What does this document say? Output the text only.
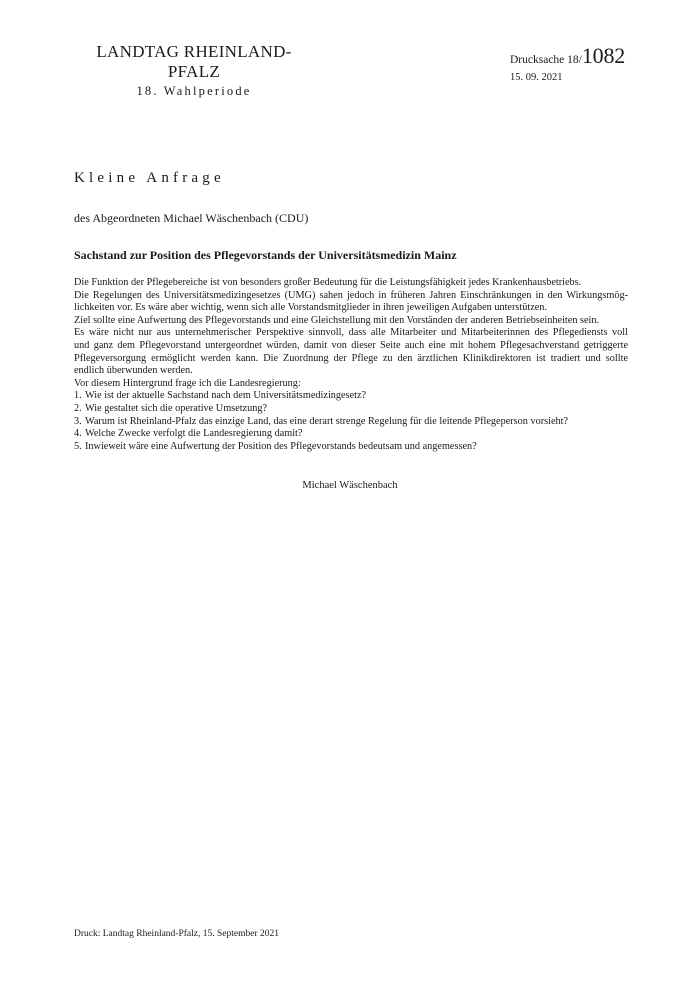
LANDTAG RHEINLAND-PFALZ
18. Wahlperiode
Drucksache 18/1082
15. 09. 2021
Kleine Anfrage
des Abgeordneten Michael Wäschenbach (CDU)
Sachstand zur Position des Pflegevorstands der Universitätsmedizin Mainz

Die Funktion der Pflegebereiche ist von besonders großer Bedeutung für die Leistungsfähigkeit jedes Krankenhausbetriebs.

Die Regelungen des Universitätsmedizingesetzes (UMG) sahen jedoch in früheren Jahren Einschränkungen in den Wirkungsmög-

lichkeiten vor. Es wäre aber wichtig, wenn sich alle Vorstandsmitglieder in ihren jeweiligen Aufgaben unterstützen.

Ziel sollte eine Aufwertung des Pflegevorstands und eine Gleichstellung mit den Vorständen der anderen Betriebseinheiten sein.

Es wäre nicht nur aus unternehmerischer Perspektive sinnvoll, dass alle Mitarbeiter und Mitarbeiterinnen des Pflegediensts voll

und ganz dem Pflegevorstand untergeordnet würden, damit von dieser Seite auch eine mit hohem Pflegesachverstand getriggerte

Pflegeversorgung ermöglicht werden kann. Die Zuordnung der Pflege zu den ärztlichen Klinikdirektoren ist tradiert und sollte

endlich überwunden werden.

Vor diesem Hintergrund frage ich die Landesregierung:

1. Wie ist der aktuelle Sachstand nach dem Universitätsmedizingesetz?
2. Wie gestaltet sich die operative Umsetzung?
3. Warum ist Rheinland-Pfalz das einzige Land, das eine derart strenge Regelung für die leitende Pflegeperson vorsieht?
4. Welche Zwecke verfolgt die Landesregierung damit?
5. Inwieweit wäre eine Aufwertung der Position des Pflegevorstands bedeutsam und angemessen?
Michael Wäschenbach
Druck: Landtag Rheinland-Pfalz, 15. September 2021
